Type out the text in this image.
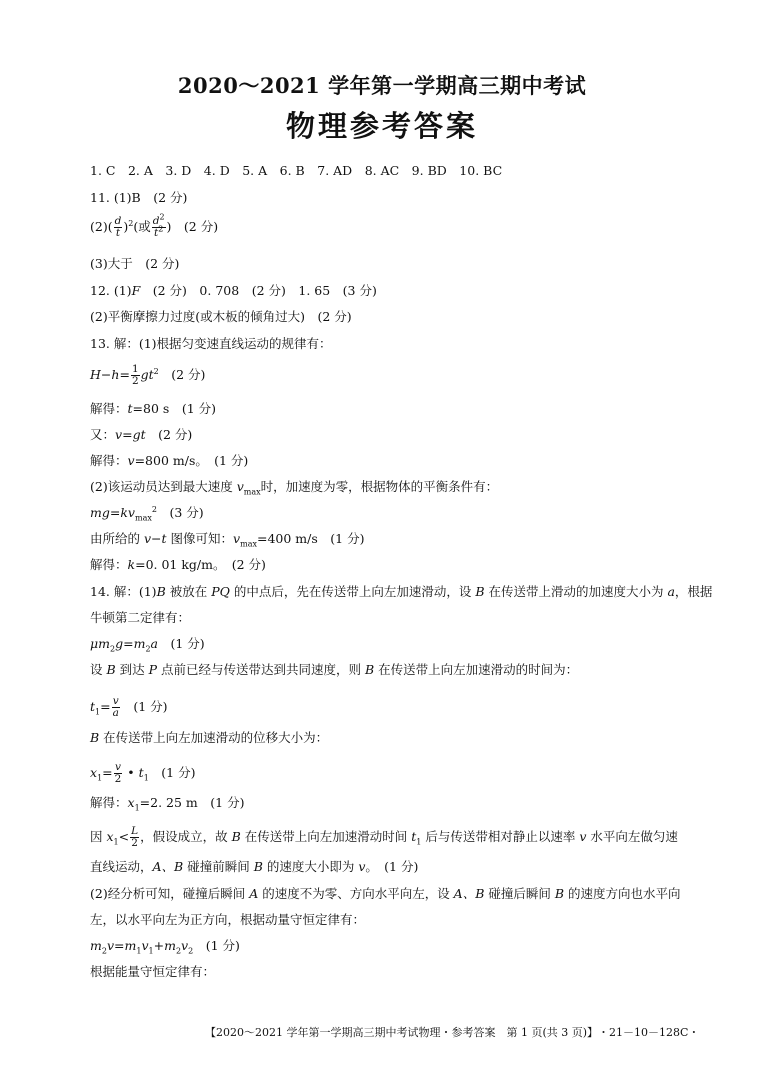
2020～2021 学年第一学期高三期中考试
物理参考答案
1. C　2. A　3. D　4. D　5. A　6. B　7. AD　8. AC　9. BD　10. BC
11. (1)B　(2 分)
$(2)( \frac{d}{t} )^2$(或 $\frac{d^2}{t^2}$ )　(2 分)
(3)大于　(2 分)
12. (1)F　(2 分)　0. 708　(2 分)　1. 65　(3 分)
(2)平衡摩擦力过度(或木板的倾角过大)　(2 分)
13. 解：(1)根据匀变速直线运动的规律有：
$H-h= \frac{1}{2} gt^2$　(2 分)
解得：t=80 s　(1 分)
又：v=gt　(2 分)
解得：v=800 m/s。　(1 分)
(2)该运动员达到最大速度 $v_{max}$时，加速度为零，根据物体的平衡条件有：
$mg=kv_{max}^2$　(3 分)
由所给的 v−t 图像可知：$v_{max}=400$ m/s　(1 分)
解得：k=0. 01 kg/m。　(2 分)
14. 解：(1)B 被放在 PQ 的中点后，先在传送带上向左加速滑动，设 B 在传送带上滑动的加速度大小为 a，根据
牛顿第二定律有：
$\mu m_2g=m_2a$　(1 分)
设 B 到达 P 点前已经与传送带达到共同速度，则 B 在传送带上向左加速滑动的时间为：
$t_1= \frac{v}{a}$ 　(1 分)
B 在传送带上向左加速滑动的位移大小为：
$x_1= \frac{v}{2}$ • $t_1$　(1 分)
解得：$x_1=2$. 25 m　(1 分)
因 $x_1< \frac{L}{2}$ ，假设成立，故 B 在传送带上向左加速滑动时间 $t_1$ 后与传送带相对静止以速率 v 水平向左做匀速
直线运动，A、B 碰撞前瞬间 B 的速度大小即为 v。　(1 分)
(2)经分析可知，碰撞后瞬间 A 的速度不为零、方向水平向左，设 A、B 碰撞后瞬间 B 的速度方向也水平向
左，以水平向左为正方向，根据动量守恒定律有：
$m_2v=m_1v_1+m_2v_2$　(1 分)
根据能量守恒定律有：
【2020～2021 学年第一学期高三期中考试物理・参考答案　第 1 页(共 3 页)】 ・21－10－128C・
